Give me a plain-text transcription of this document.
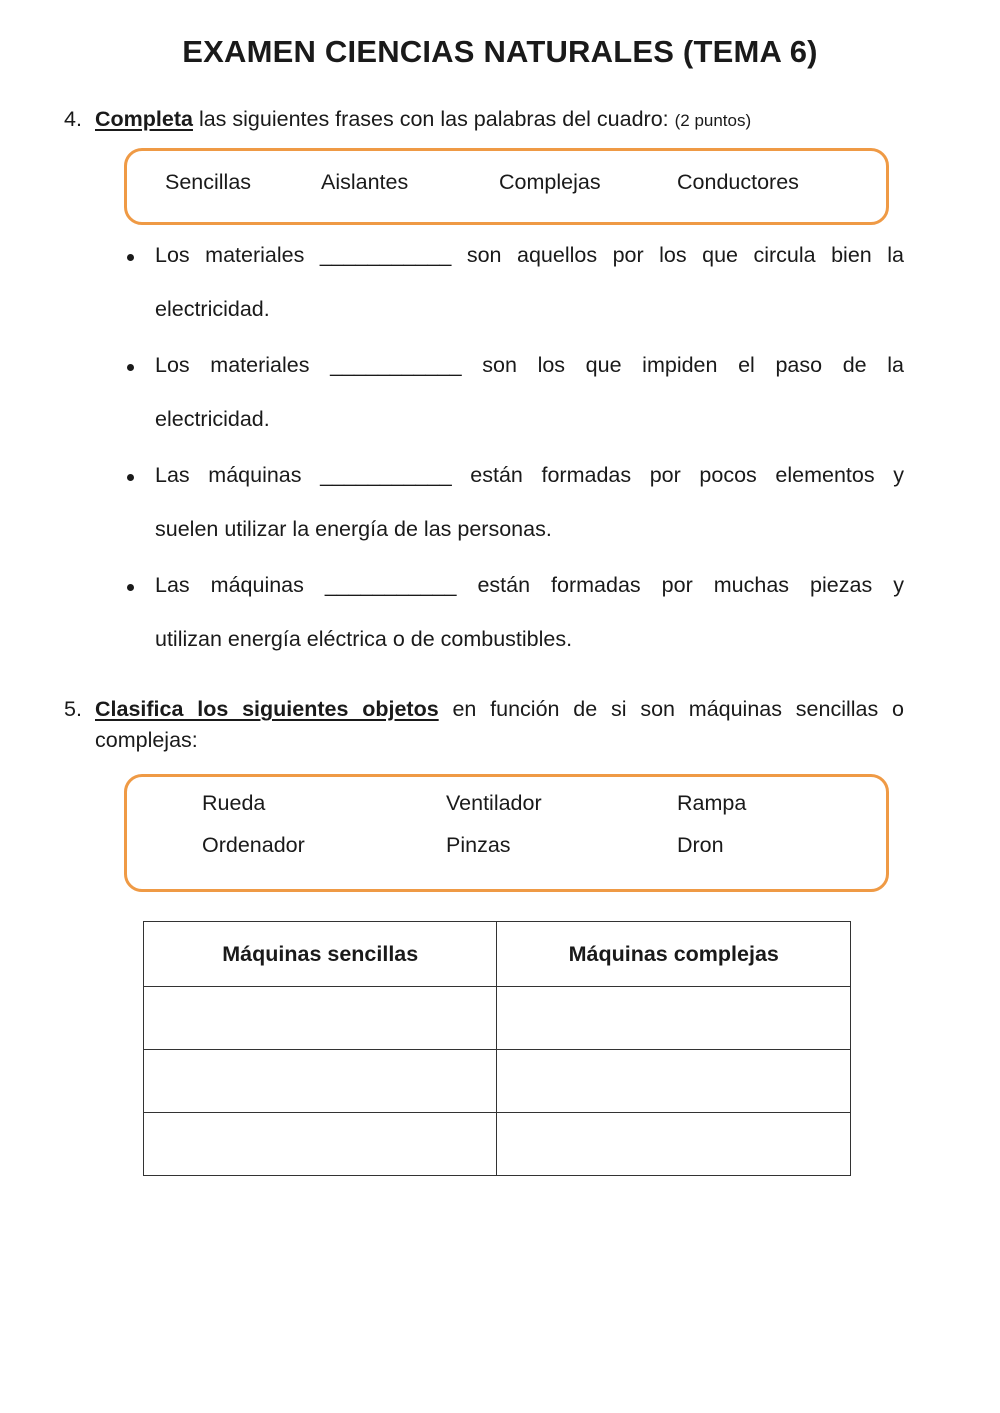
EXAMEN CIENCIAS NATURALES (TEMA 6)
4. Completa las siguientes frases con las palabras del cuadro: (2 puntos)
Sencillas	Aislantes	Complejas	Conductores
Los materiales ___________ son aquellos por los que circula bien la
electricidad.
Los materiales ___________ son los que impiden el paso de la
electricidad.
Las máquinas ___________ están formadas por pocos elementos y
suelen utilizar la energía de las personas.
Las máquinas ___________ están formadas por muchas piezas y
utilizan energía eléctrica o de combustibles.
5. Clasifica los siguientes objetos en función de si son máquinas sencillas o complejas:
Rueda	Ventilador	Rampa
Ordenador	Pinzas	Dron
Máquinas sencillas	Máquinas complejas
